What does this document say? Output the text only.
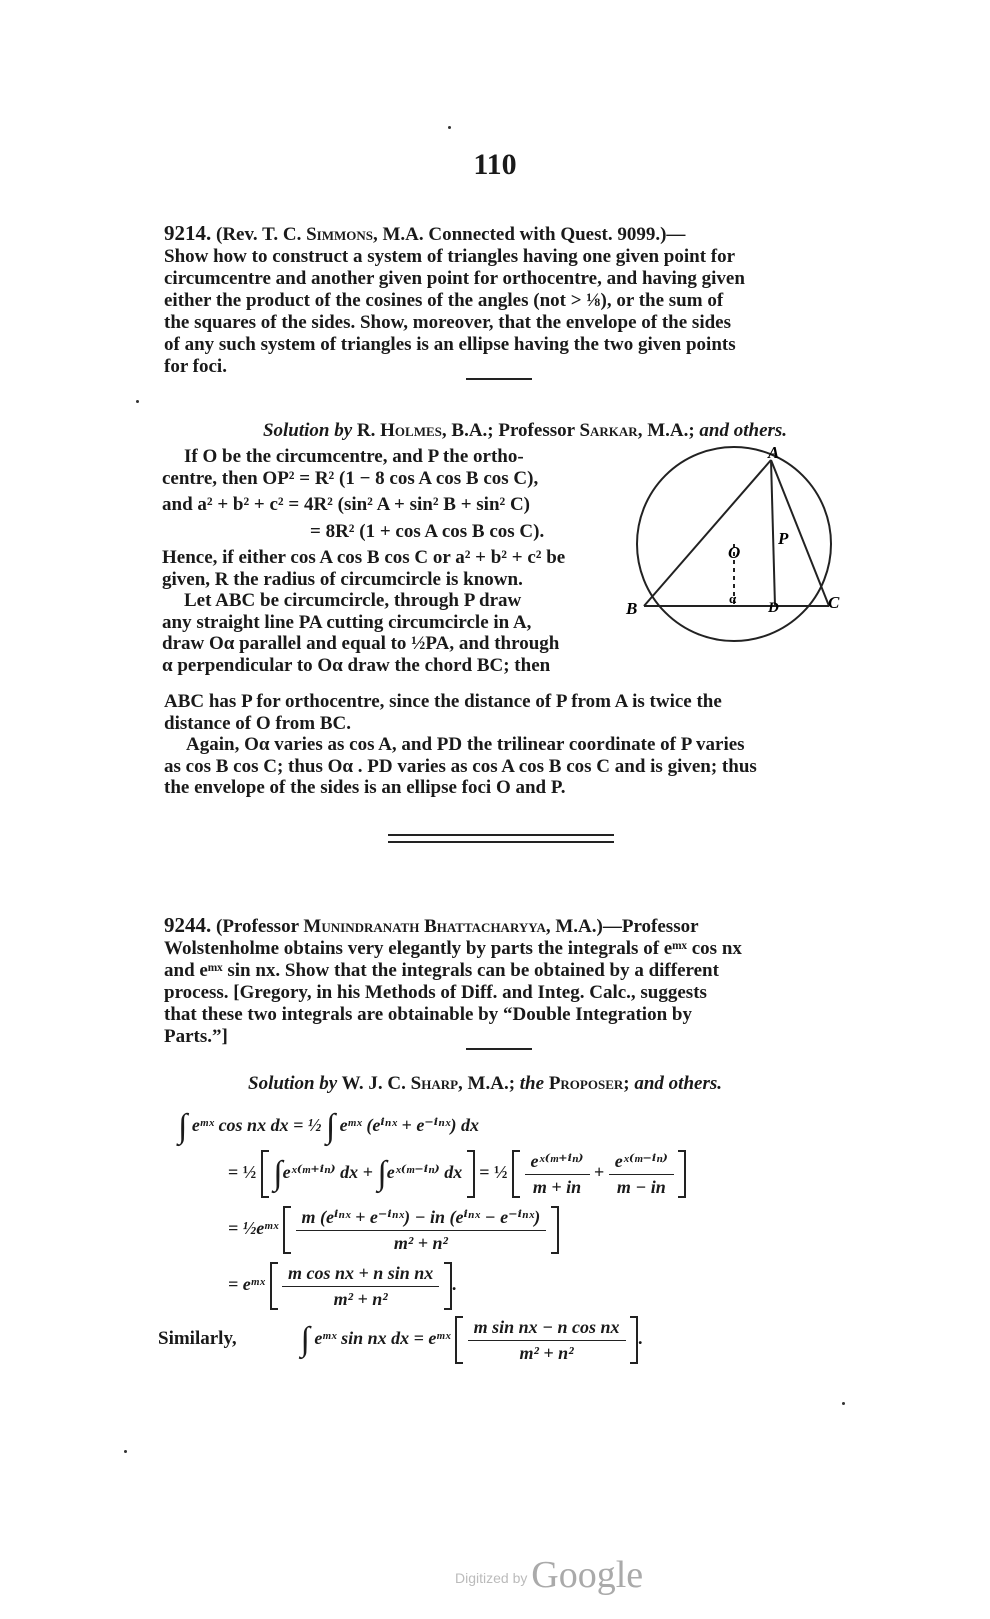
110
9214. (Rev. T. C. Simmons, M.A. Connected with Quest. 9099.)—
Show how to construct a system of triangles having one given point for
circumcentre and another given point for orthocentre, and having given
either the product of the cosines of the angles (not > ⅛), or the sum of
the squares of the sides. Show, moreover, that the envelope of the sides
of any such system of triangles is an ellipse having the two given points
for foci.
Solution by R. Holmes, B.A.; Professor Sarkar, M.A.; and others.
If O be the circumcentre, and P the ortho-
centre, then OP² = R² (1 − 8 cos A cos B cos C),
and a² + b² + c² = 4R² (sin² A + sin² B + sin² C)
= 8R² (1 + cos A cos B cos C).
Hence, if either cos A cos B cos C or a² + b² + c² be
given, R the radius of circumcircle is known.
Let ABC be circumcircle, through P draw
any straight line PA cutting circumcircle in A,
draw Oα parallel and equal to ½PA, and through
α perpendicular to Oα draw the chord BC; then
A
B	C
O
P
D
α
ABC has P for orthocentre, since the distance of P from A is twice the
distance of O from BC.
Again, Oα varies as cos A, and PD the trilinear coordinate of P varies
as cos B cos C; thus Oα . PD varies as cos A cos B cos C and is given; thus
the envelope of the sides is an ellipse foci O and P.
9244. (Professor Munindranath Bhattacharyya, M.A.)—Professor
Wolstenholme obtains very elegantly by parts the integrals of eᵐˣ cos nx
and eᵐˣ sin nx. Show that the integrals can be obtained by a different
process. [Gregory, in his Methods of Diff. and Integ. Calc., suggests
that these two integrals are obtainable by “Double Integration by
Parts.”]
Solution by W. J. C. Sharp, M.A.; the Proposer; and others.
∫ eᵐˣ cos nx dx = ½ ∫ eᵐˣ (eⁱⁿˣ + e⁻ⁱⁿˣ) dx
= ½ ∫eˣ⁽ᵐ⁺ⁱⁿ⁾ dx + ∫eˣ⁽ᵐ⁻ⁱⁿ⁾ dx = ½ $\frac{\text{eˣ⁽ᵐ⁺ⁱⁿ⁾}}{m + in} + \frac{\text{eˣ⁽ᵐ⁻ⁱⁿ⁾}}{m - in}$

= ½eᵐˣ $\frac{\text{m (eⁱⁿˣ + e⁻ⁱⁿˣ) − in (eⁱⁿˣ − e⁻ⁱⁿˣ)}}{\text{m² + n²}}$

= eᵐˣ $\frac{\text{m cos nx + n sin nx}}{\text{m² + n²}}$ .
Similarly, ∫ eᵐˣ sin nx dx = eᵐˣ $\frac{\text{m sin nx − n cos nx}}{\text{m² + n²}}$ .
Digitized by Google
